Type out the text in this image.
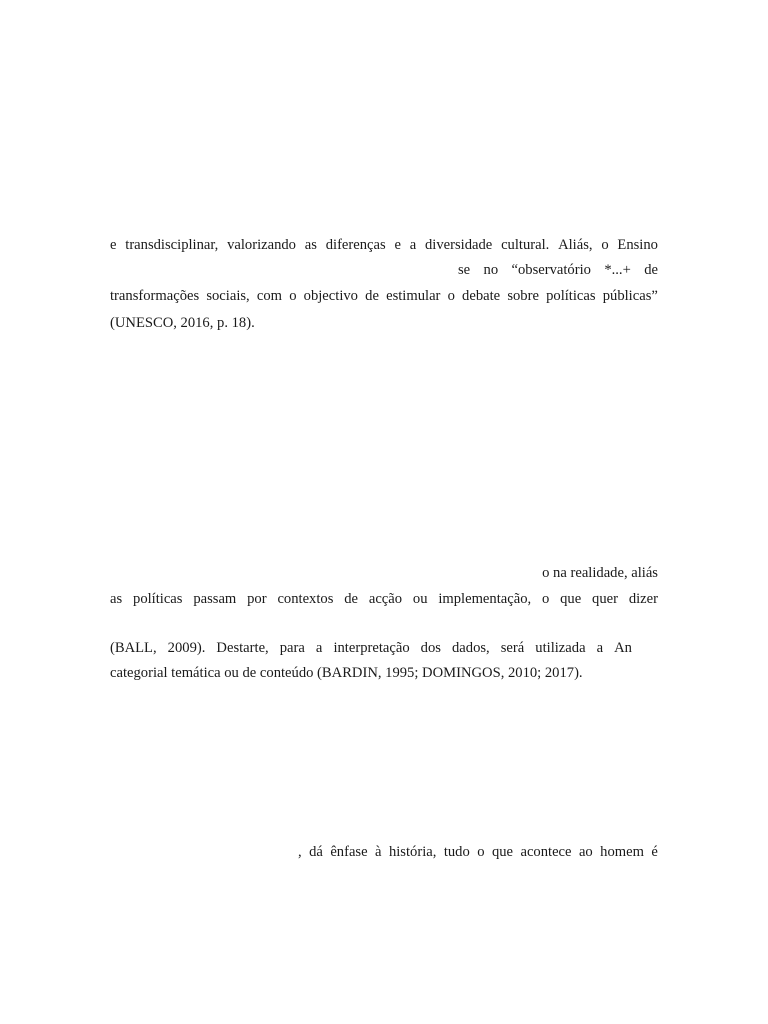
e transdisciplinar, valorizando as diferenças e a diversidade cultural. Aliás, o Ensino
se no “observatório *...+ de
transformações sociais, com o objectivo de estimular o debate sobre políticas públicas”
(UNESCO, 2016, p. 18).
o na realidade, aliás
as políticas passam por contextos de acção ou implementação, o que quer dizer
(BALL, 2009). Destarte, para a interpretação dos dados, será utilizada a An
categorial temática ou de conteúdo (BARDIN, 1995; DOMINGOS, 2010; 2017).
, dá ênfase à história, tudo o que acontece ao homem é
